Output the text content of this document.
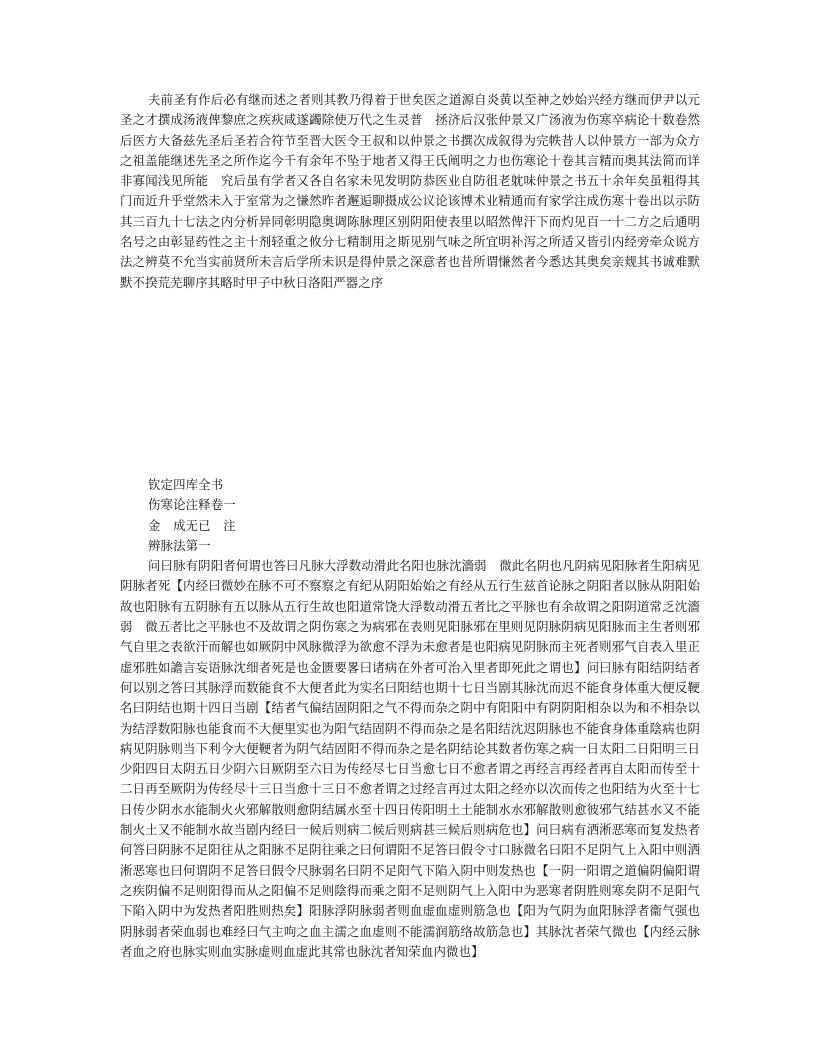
夫前圣有作后必有继而述之者则其教乃得着于世矣医之道源自炎黄以至神之妙始兴经方继而伊尹以元圣之才撰成汤液俾黎庶之疾疢咸遂蠲除使万代之生灵普　拯济后汉张仲景又广汤液为伤寒卒病论十数卷然后医方大备兹先圣后圣若合符节至晋大医令王叔和以仲景之书撰次成叙得为完帙昔人以仲景方一部为众方之祖盖能继述先圣之所作迄今千有余年不坠于地者又得王氏阐明之力也伤寒论十卷其言精而奥其法简而详非寡闻浅见所能　究后虽有学者又各自名家未见发明防恭医业自防徂老躭味仲景之书五十余年矣虽粗得其门而近升乎堂然未入于室常为之慊然昨者邂逅聊摄成公议论该博术业精通而有家学注成伤寒十卷出以示防其三百九十七法之内分析异同彰明隐奥调陈脉理区别阴阳使表里以昭然俾汗下而灼见百一十二方之后通明名号之由彰显药性之主十剂轻重之攸分七精制用之斯见别气味之所宜明补泻之所适又皆引内经旁牵众说方法之辨莫不允当实前贤所未言后学所未识是得仲景之深意者也昔所谓慊然者今悉达其奥矣亲觌其书诚难默默不揆荒芜聊序其略时甲子中秋日洛阳严器之序

钦定四库全书

伤寒论注释卷一

金　成无已　注

辨脉法第一

问曰脉有阴阳者何谓也答曰凡脉大浮数动滑此名阳也脉沈濇弱　微此名阴也凡阴病见阳脉者生阳病见阴脉者死【内经曰微妙在脉不可不察察之有纪从阴阳始始之有经从五行生兹首论脉之阴阳者以脉从阴阳始故也阳脉有五阴脉有五以脉从五行生故也阳道常饶大浮数动滑五者比之平脉也有余故谓之阳阴道常乏沈濇弱　微五者比之平脉也不及故谓之阴伤寒之为病邪在表则见阳脉邪在里则见阴脉阴病见阳脉而主生者则邪气自里之表欲汗而解也如厥阴中风脉微浮为欲愈不浮为未愈者是也阳病见阴脉而主死者则邪气自表入里正虚邪胜如譫言妄语脉沈细者死是也金匮要畧曰诸病在外者可治入里者即死此之谓也】问曰脉有阳结阴结者何以别之答曰其脉浮而数能食不大便者此为实名曰阳结也期十七日当剧其脉沈而迟不能食身体重大便反鞕名曰阴结也期十四日当剧【结者气偏结固阴阳之气不得而杂之阴中有阳阳中有阴阴阳相杂以为和不相杂以为结浮数阳脉也能食而不大便里实也为阳气结固阴不得而杂之是名阳结沈迟阴脉也不能食身体重陰病也阴病见阴脉则当下利今大便鞕者为阴气结固阳不得而杂之是名阴结论其数者伤寒之病一日太阳二日阳明三日少阳四日太阴五日少阴六日厥阴至六日为传经尽七日当愈七日不愈者谓之再经言再经者再自太阳而传至十二日再至厥阴为传经尽十三日当愈十三日不愈者谓之过经言再过太阳之经亦以次而传之也阳结为火至十七日传少阴水水能制火火邪解散则愈阴结属水至十四日传阳明土土能制水水邪解散则愈彼邪气结甚水又不能制火土又不能制水故当剧内经曰一候后则病二候后则病甚三候后则病危也】问曰病有洒淅恶寒而复发热者何答曰阴脉不足阳往从之阳脉不足阴往乘之曰何谓阳不足答曰假令寸口脉微名曰阳不足阴气上入阳中则洒淅恶寒也曰何谓阴不足答曰假令尺脉弱名曰阴不足阳气下陷入阴中则发热也【一阴一阳谓之道偏阴偏阳谓之疾阴偏不足则阳得而从之阳偏不足则陰得而乘之阳不足则阴气上入阳中为恶寒者阴胜则寒矣阴不足阳气下陷入阴中为发热者阳胜则热矣】阳脉浮阴脉弱者则血虚血虚则筋急也【阳为气阴为血阳脉浮者衞气强也阴脉弱者荣血弱也难经曰气主呴之血主濡之血虚则不能濡润筋络故筋急也】其脉沈者荣气微也【内经云脉者血之府也脉实则血实脉虚则血虚此其常也脉沈者知荣血内微也】
